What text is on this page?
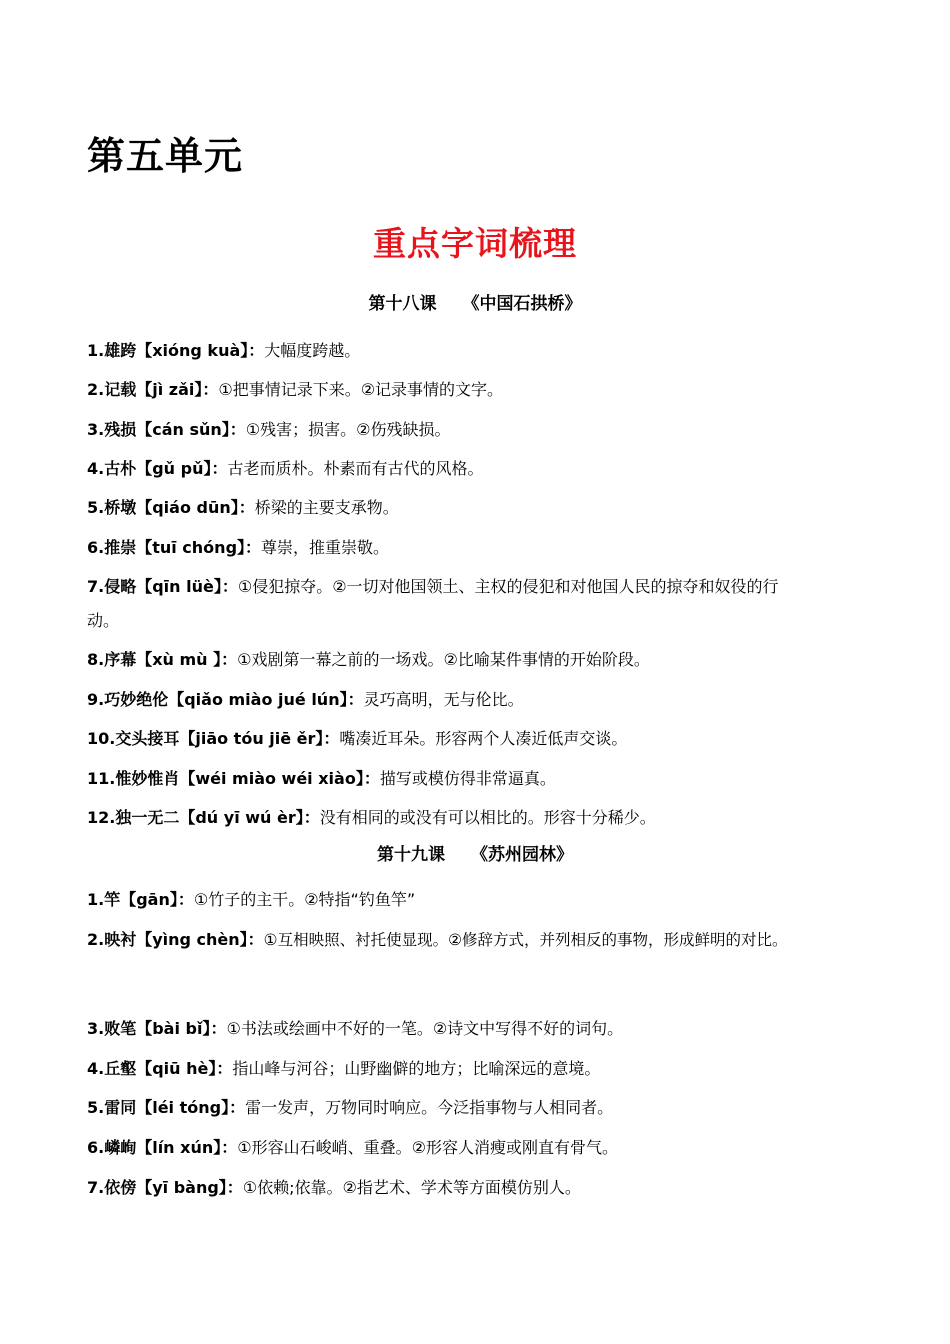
第五单元
重点字词梳理
第十八课 《中国石拱桥》
1.雄跨【xióng kuà】：大幅度跨越。
2.记载【jì zǎi】：①把事情记录下来。②记录事情的文字。
3.残损【cán sǔn】：①残害；损害。②伤残缺损。
4.古朴【gǔ pǔ】：古老而质朴。朴素而有古代的风格。
5.桥墩【qiáo dūn】：桥梁的主要支承物。
6.推崇【tuī chóng】：尊崇，推重崇敬。
7.侵略【qīn lüè】：①侵犯掠夺。②一切对他国领土、主权的侵犯和对他国人民的掠夺和奴役的行
动。
8.序幕【xù mù 】：①戏剧第一幕之前的一场戏。②比喻某件事情的开始阶段。
9.巧妙绝伦【qiǎo miào jué lún】：灵巧高明，无与伦比。
10.交头接耳【jiāo tóu jiē ěr】：嘴凑近耳朵。形容两个人凑近低声交谈。
11.惟妙惟肖【wéi miào wéi xiào】：描写或模仿得非常逼真。
12.独一无二【dú yī wú èr】：没有相同的或没有可以相比的。形容十分稀少。
第十九课 《苏州园林》
1.竿【gān】：①竹子的主干。②特指“钓鱼竿”
2.映衬【yìng chèn】：①互相映照、衬托使显现。②修辞方式，并列相反的事物，形成鲜明的对比。
3.败笔【bài bǐ】：①书法或绘画中不好的一笔。②诗文中写得不好的词句。
4.丘壑【qiū hè】：指山峰与河谷；山野幽僻的地方；比喻深远的意境。
5.雷同【léi tóng】：雷一发声，万物同时响应。今泛指事物与人相同者。
6.嶙峋【lín xún】：①形容山石峻峭、重叠。②形容人消瘦或刚直有骨气。
7.依傍【yī bàng】：①依赖;依靠。②指艺术、学术等方面模仿别人。
